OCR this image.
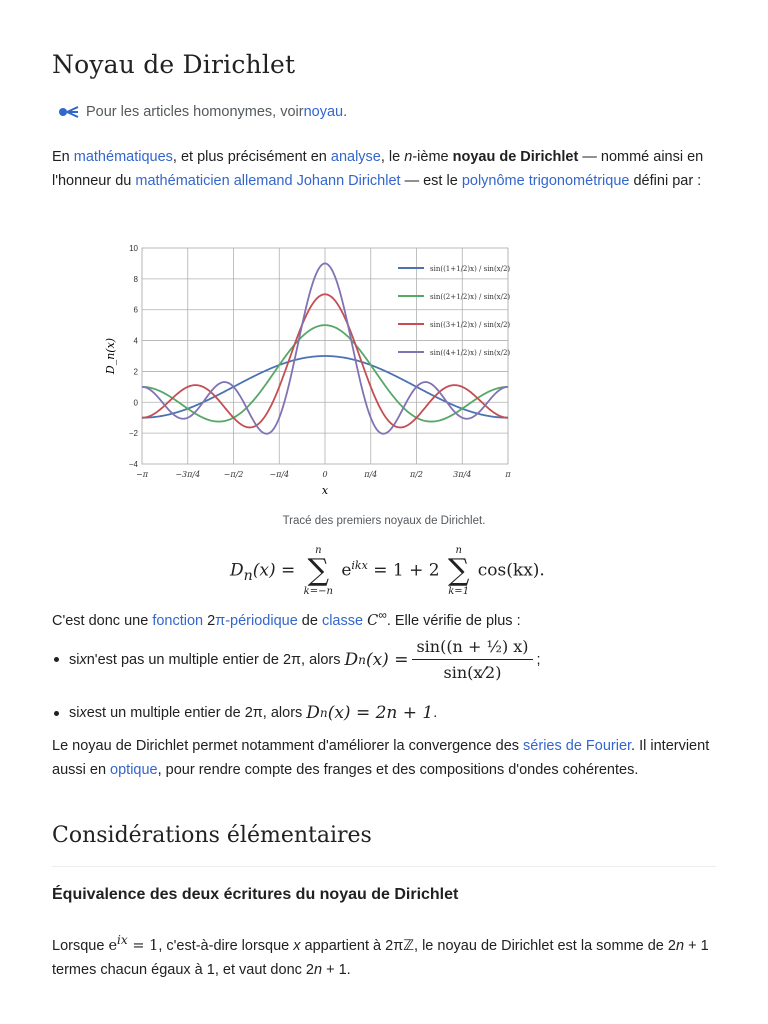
Noyau de Dirichlet
Pour les articles homonymes, voir noyau .

En mathématiques, et plus précisément en analyse, le n-ième noyau de Dirichlet — nommé ainsi en l'honneur du mathématicien allemand Johann Dirichlet — est le polynôme trigonométrique défini par :

−π	−3π/4	−π/2	−π/4	0	π/4	π/2	3π/4	π
−4
−2
0
2
4
6
8
10
x
D_n(x)
sin((1+1/2)x) / sin(x/2)
sin((2+1/2)x) / sin(x/2)
sin((3+1/2)x) / sin(x/2)
sin((4+1/2)x) / sin(x/2)
Tracé des premiers noyaux de Dirichlet.
$D_n(x)$ =
n
∑
k=−n
$e^{ikx} = 1 + 2$
n
∑
k=1
cos(kx).

C'est donc une fonction 2π-périodique de classe C∞. Elle vérifie de plus :

si x n'est pas un multiple entier de 2π, alors D n $(x) = \frac{\text{sin((n + ½) x)}}{\sin(x⁄2)}$ ;
si x est un multiple entier de 2π, alors D n (x) = 2n + 1 .

Le noyau de Dirichlet permet notamment d'améliorer la convergence des séries de Fourier. Il intervient aussi en optique, pour rendre compte des franges et des compositions d'ondes cohérentes.

Considérations élémentaires
Équivalence des deux écritures du noyau de Dirichlet

Lorsque $e^{ix} = 1$, c'est-à-dire lorsque x appartient à 2πℤ, le noyau de Dirichlet est la somme de 2n + 1 termes chacun égaux à 1, et vaut donc 2n + 1.
